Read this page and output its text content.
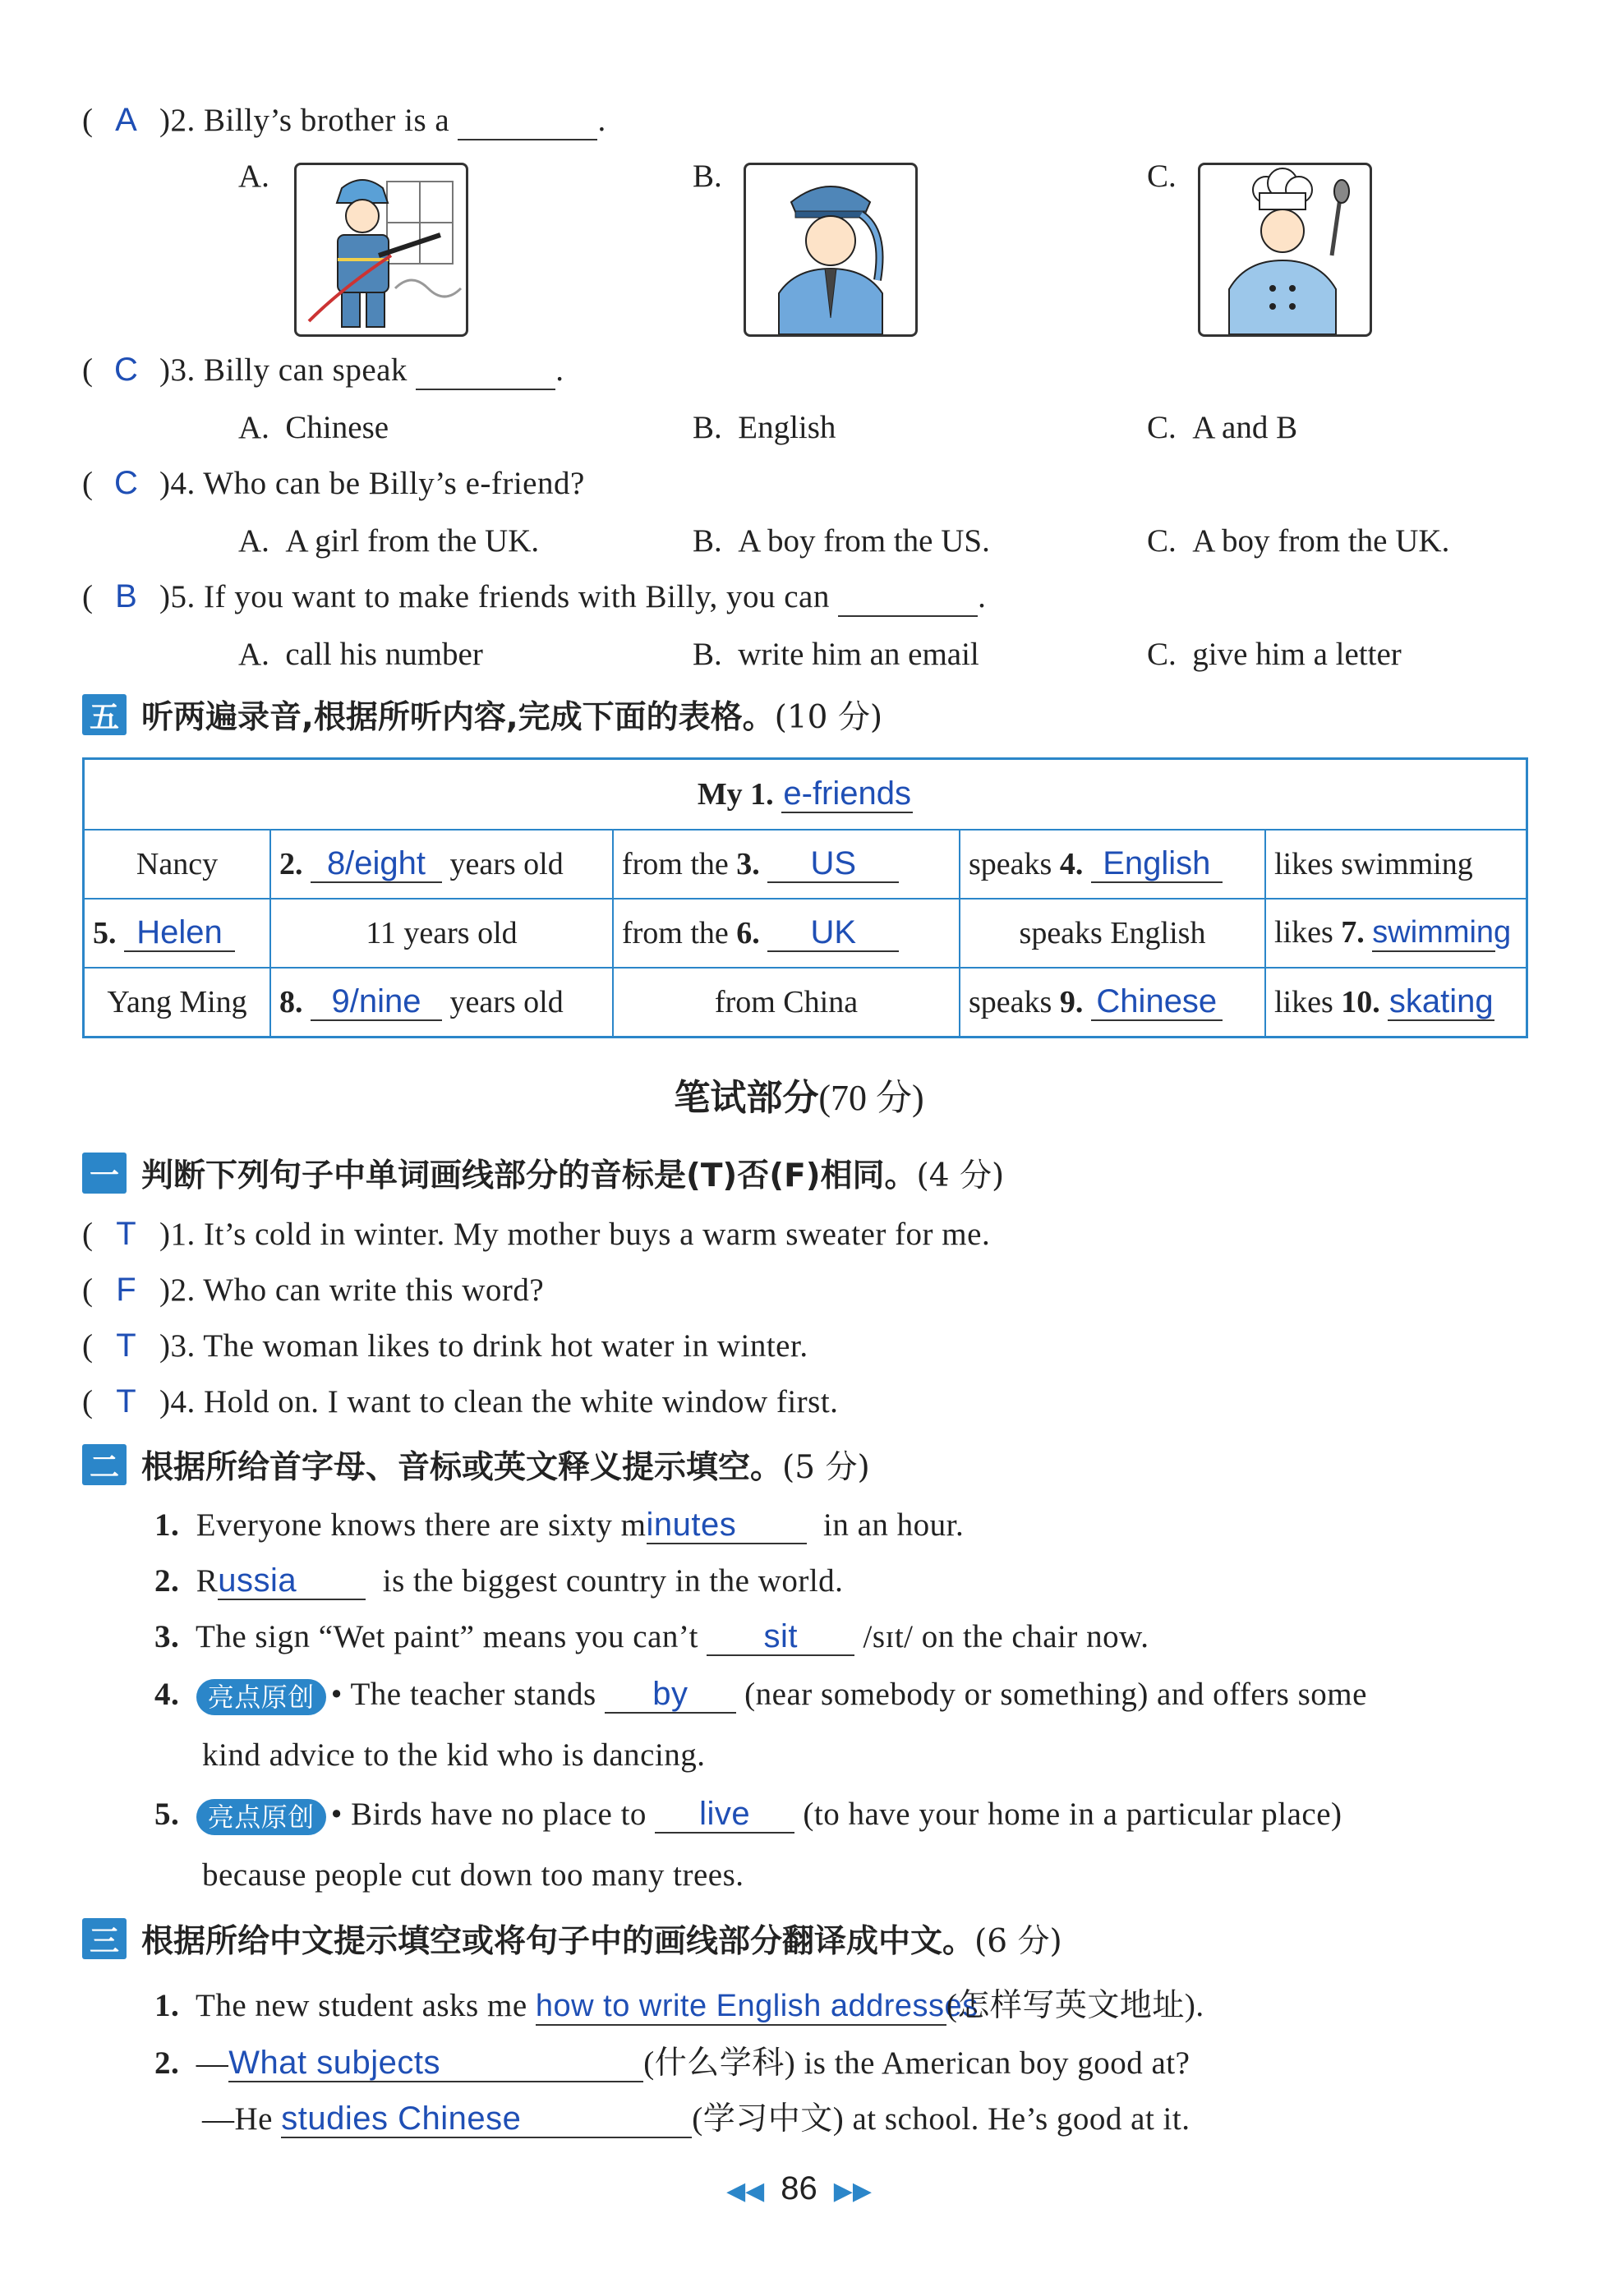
( A )2. Billy’s brother is a	.
A.	B.	C.
( C )3. Billy can speak	.
A. Chinese	B. English	C. A and B
( C )4. Who can be Billy’s e-friend?
A. A girl from the UK.	B. A boy from the US.	C. A boy from the UK.
( B )5. If you want to make friends with Billy, you can	.
A. call his number	B. write him an email	C. give him a letter
五 听两遍录音,根据所听内容,完成下面的表格。 (10 分)
My 1. e-friends				
Nancy	2. 8/eight years old	from the 3. US	speaks 4. English	likes swimming
5. Helen	11 years old	from the 6. UK	speaks English	likes 7. swimming
Yang Ming	8. 9/nine years old	from China	speaks 9. Chinese	likes 10. skating
笔试部分(70 分)
一 判断下列句子中单词画线部分的音标是(T)否(F)相同。 (4 分)
( T )1. It’s cold in winter. My mother buys a warm sweater for me.
( F )2. Who can write this word?
( T )3. The woman likes to drink hot water in winter.
( T )4. Hold on. I want to clean the white window first.
二 根据所给首字母、音标或英文释义提示填空。 (5 分)
1. Everyone knows there are sixty minutes	in an hour.
2. Russia	is the biggest country in the world.
3. The sign “Wet paint” means you can’t sit /sɪt/ on the chair now.
4. 亮点原创 • The teacher stands by (near somebody or something) and offers some
kind advice to the kid who is dancing.
5. 亮点原创 • Birds have no place to live (to have your home in a particular place)
because people cut down too many trees.
三 根据所给中文提示填空或将句子中的画线部分翻译成中文。 (6 分)
1. The new student asks me how to write English addresses(怎样写英文地址).
2. —What subjects	(什么学科) is the American boy good at?
—He studies Chinese	(学习中文) at school. He’s good at it.
◀◀ 86 ▶▶
